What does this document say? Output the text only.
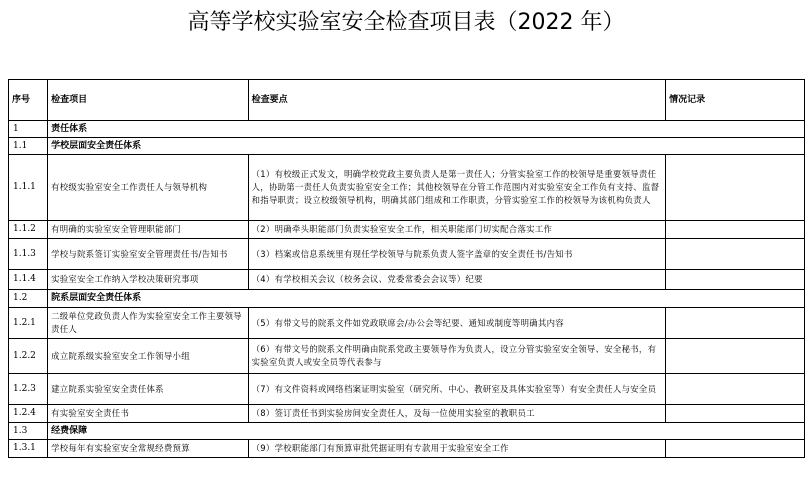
高等学校实验室安全检查项目表（2022 年）
序号	检查项目	检查要点	情况记录
1	责任体系		
1.1	学校层面安全责任体系		
1.1.1	有校级实验室安全工作责任人与领导机构	（1）有校级正式发文，明确学校党政主要负责人是第一责任人；分管实验室工作的校领导是重要领导责任人，协助第一责任人负责实验室安全工作；其他校领导在分管工作范围内对实验室安全工作负有支持、监督和指导职责；设立校级领导机构，明确其部门组成和工作职责，分管实验室工作的校领导为该机构负责人	
1.1.2	有明确的实验室安全管理职能部门	（2）明确牵头职能部门负责实验室安全工作，相关职能部门切实配合落实工作	
1.1.3	学校与院系签订实验室安全管理责任书/告知书	（3）档案或信息系统里有现任学校领导与院系负责人签字盖章的安全责任书/告知书	
1.1.4	实验室安全工作纳入学校决策研究事项	（4）有学校相关会议（校务会议、党委常委会会议等）纪要	
1.2	院系层面安全责任体系		
1.2.1	二级单位党政负责人作为实验室安全工作主要领导责任人	（5）有带文号的院系文件如党政联席会/办公会等纪要、通知或制度等明确其内容	
1.2.2	成立院系级实验室安全工作领导小组	（6）有带文号的院系文件明确由院系党政主要领导作为负责人，设立分管实验室安全领导、安全秘书，有实验室负责人或安全员等代表参与	
1.2.3	建立院系实验室安全责任体系	（7）有文件资料或网络档案证明实验室（研究所、中心、教研室及具体实验室等）有安全责任人与安全员	
1.2.4	有实验室安全责任书	（8）签订责任书到实验房间安全责任人，及每一位使用实验室的教职员工	
1.3	经费保障		
1.3.1	学校每年有实验室安全常规经费预算	（9）学校职能部门有预算审批凭据证明有专款用于实验室安全工作	
